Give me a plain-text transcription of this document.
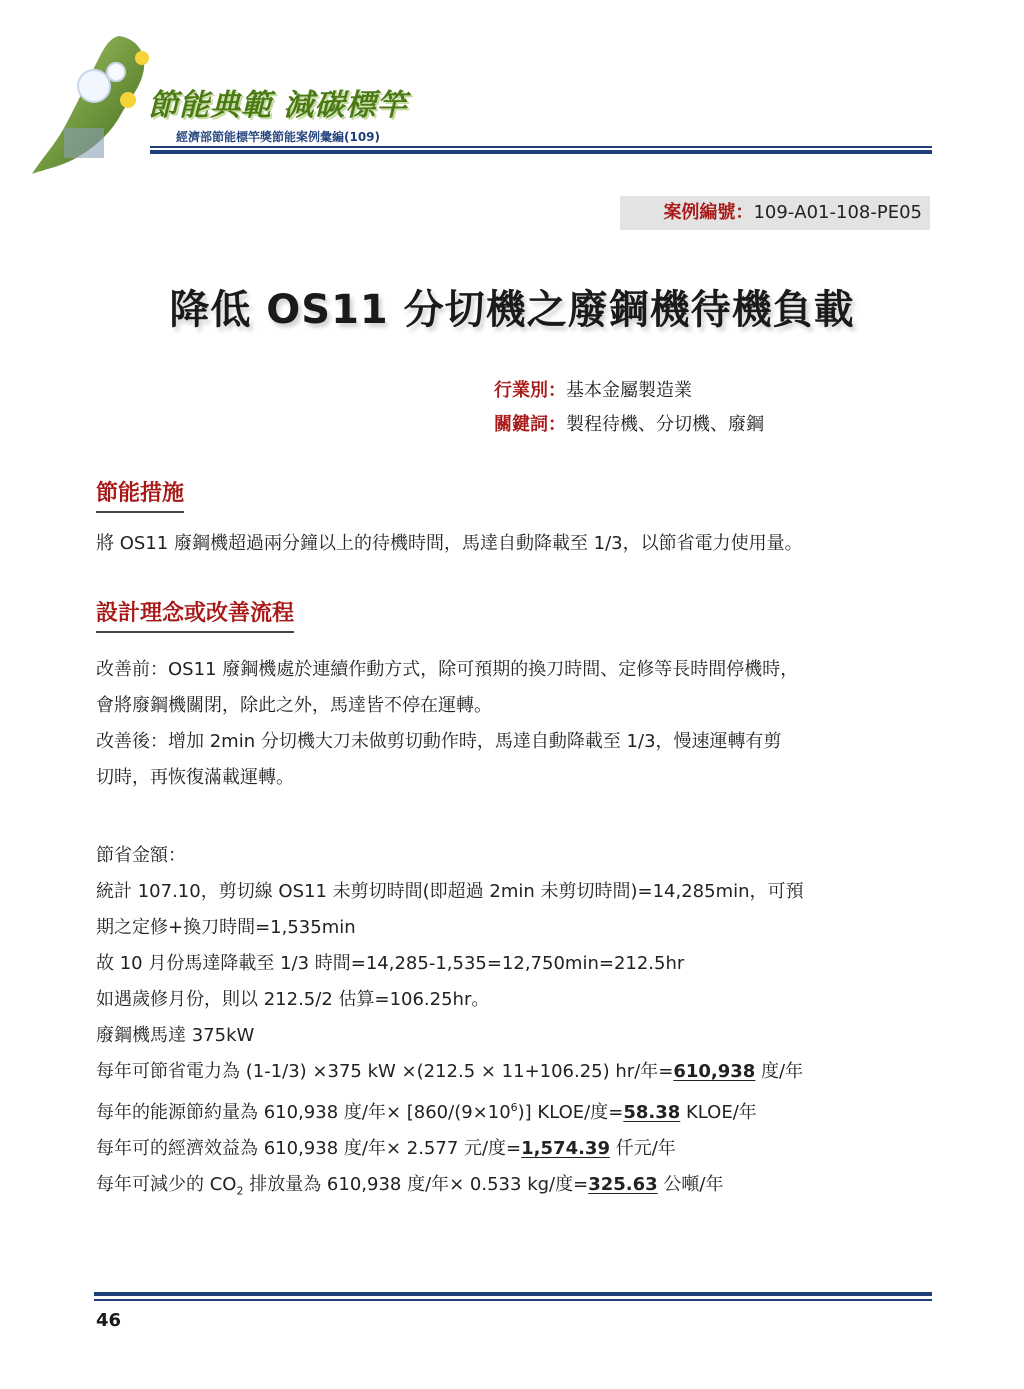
節能典範 減碳標竿
經濟部節能標竿獎節能案例彙編(109)
案例編號：109-A01-108-PE05
降低 OS11 分切機之廢鋼機待機負載
行業別：基本金屬製造業
關鍵詞：製程待機、分切機、廢鋼
節能措施
將 OS11 廢鋼機超過兩分鐘以上的待機時間，馬達自動降載至 1/3，以節省電力使用量。
設計理念或改善流程
改善前：OS11 廢鋼機處於連續作動方式，除可預期的換刀時間、定修等長時間停機時，
會將廢鋼機關閉，除此之外，馬達皆不停在運轉。
改善後：增加 2min 分切機大刀未做剪切動作時，馬達自動降載至 1/3，慢速運轉有剪
切時，再恢復滿載運轉。
節省金額：
統計 107.10，剪切線 OS11 未剪切時間(即超過 2min 未剪切時間)=14,285min，可預
期之定修+換刀時間=1,535min
故 10 月份馬達降載至 1/3 時間=14,285-1,535=12,750min=212.5hr
如遇歲修月份，則以 212.5/2 估算=106.25hr。
廢鋼機馬達 375kW
每年可節省電力為 (1-1/3) ×375 kW ×(212.5 × 11+106.25) hr/年=610,938 度/年
每年的能源節約量為 610,938 度/年× $[860/(9\times 10^6)]$ KLOE/度=58.38 KLOE/年
每年可的經濟效益為 610,938 度/年× 2.577 元/度=1,574.39 仟元/年
每年可減少的 $CO_2$ 排放量為 610,938 度/年× 0.533 kg/度=325.63 公噸/年
46
